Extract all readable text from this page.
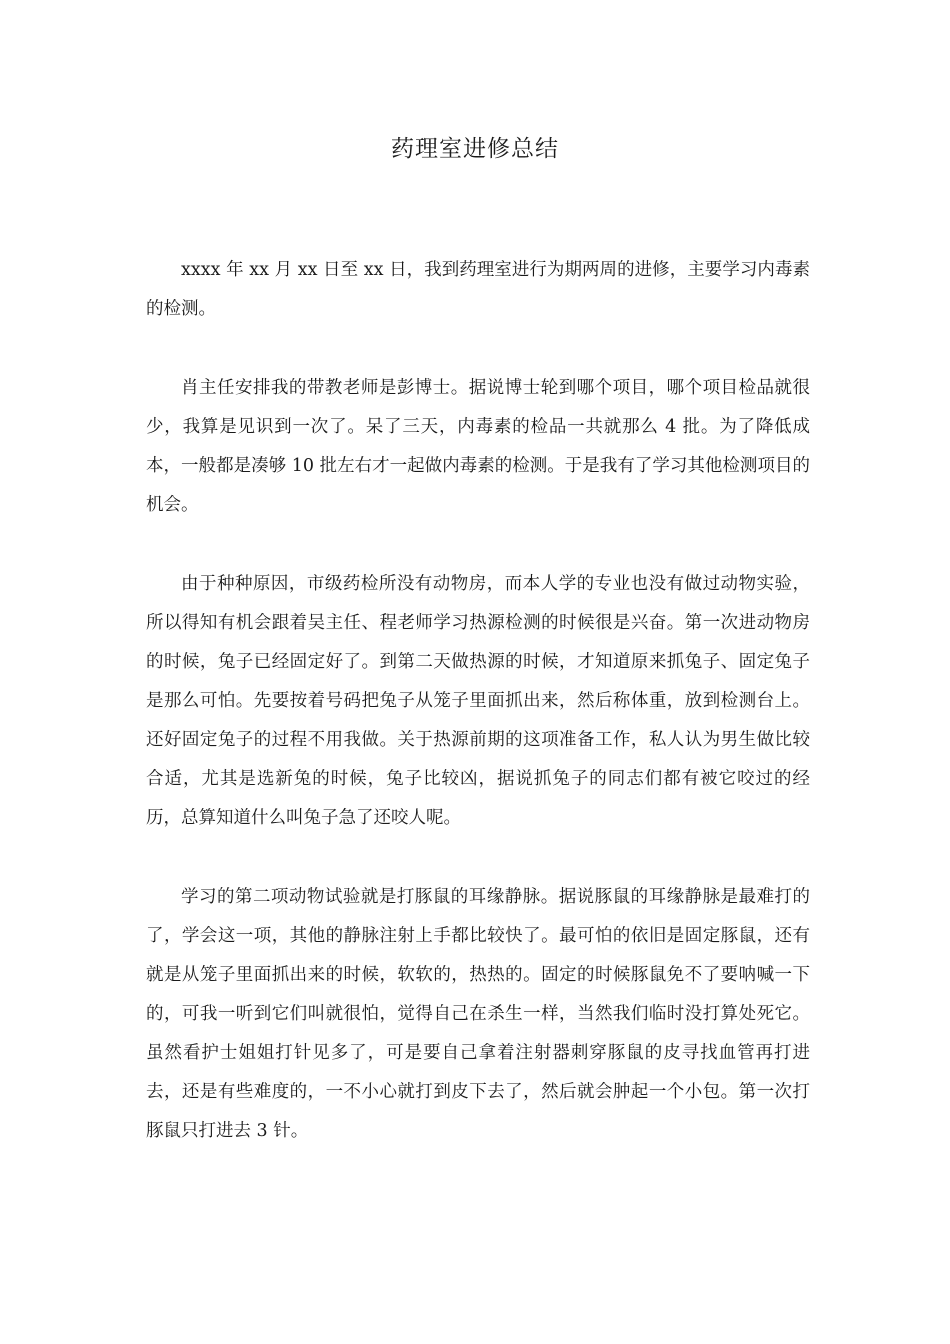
药理室进修总结

xxxx 年 xx 月 xx 日至 xx 日，我到药理室进行为期两周的进修，主要学习内毒素的检测。

肖主任安排我的带教老师是彭博士。据说博士轮到哪个项目，哪个项目检品就很少，我算是见识到一次了。呆了三天，内毒素的检品一共就那么 4 批。为了降低成本，一般都是凑够 10 批左右才一起做内毒素的检测。于是我有了学习其他检测项目的机会。

由于种种原因，市级药检所没有动物房，而本人学的专业也没有做过动物实验，所以得知有机会跟着吴主任、程老师学习热源检测的时候很是兴奋。第一次进动物房的时候，兔子已经固定好了。到第二天做热源的时候，才知道原来抓兔子、固定兔子是那么可怕。先要按着号码把兔子从笼子里面抓出来，然后称体重，放到检测台上。还好固定兔子的过程不用我做。关于热源前期的这项准备工作，私人认为男生做比较合适，尤其是选新兔的时候，兔子比较凶，据说抓兔子的同志们都有被它咬过的经历，总算知道什么叫兔子急了还咬人呢。

学习的第二项动物试验就是打豚鼠的耳缘静脉。据说豚鼠的耳缘静脉是最难打的了，学会这一项，其他的静脉注射上手都比较快了。最可怕的依旧是固定豚鼠，还有就是从笼子里面抓出来的时候，软软的，热热的。固定的时候豚鼠免不了要呐喊一下的，可我一听到它们叫就很怕，觉得自己在杀生一样，当然我们临时没打算处死它。虽然看护士姐姐打针见多了，可是要自己拿着注射器刺穿豚鼠的皮寻找血管再打进去，还是有些难度的，一不小心就打到皮下去了，然后就会肿起一个小包。第一次打豚鼠只打进去 3 针。
